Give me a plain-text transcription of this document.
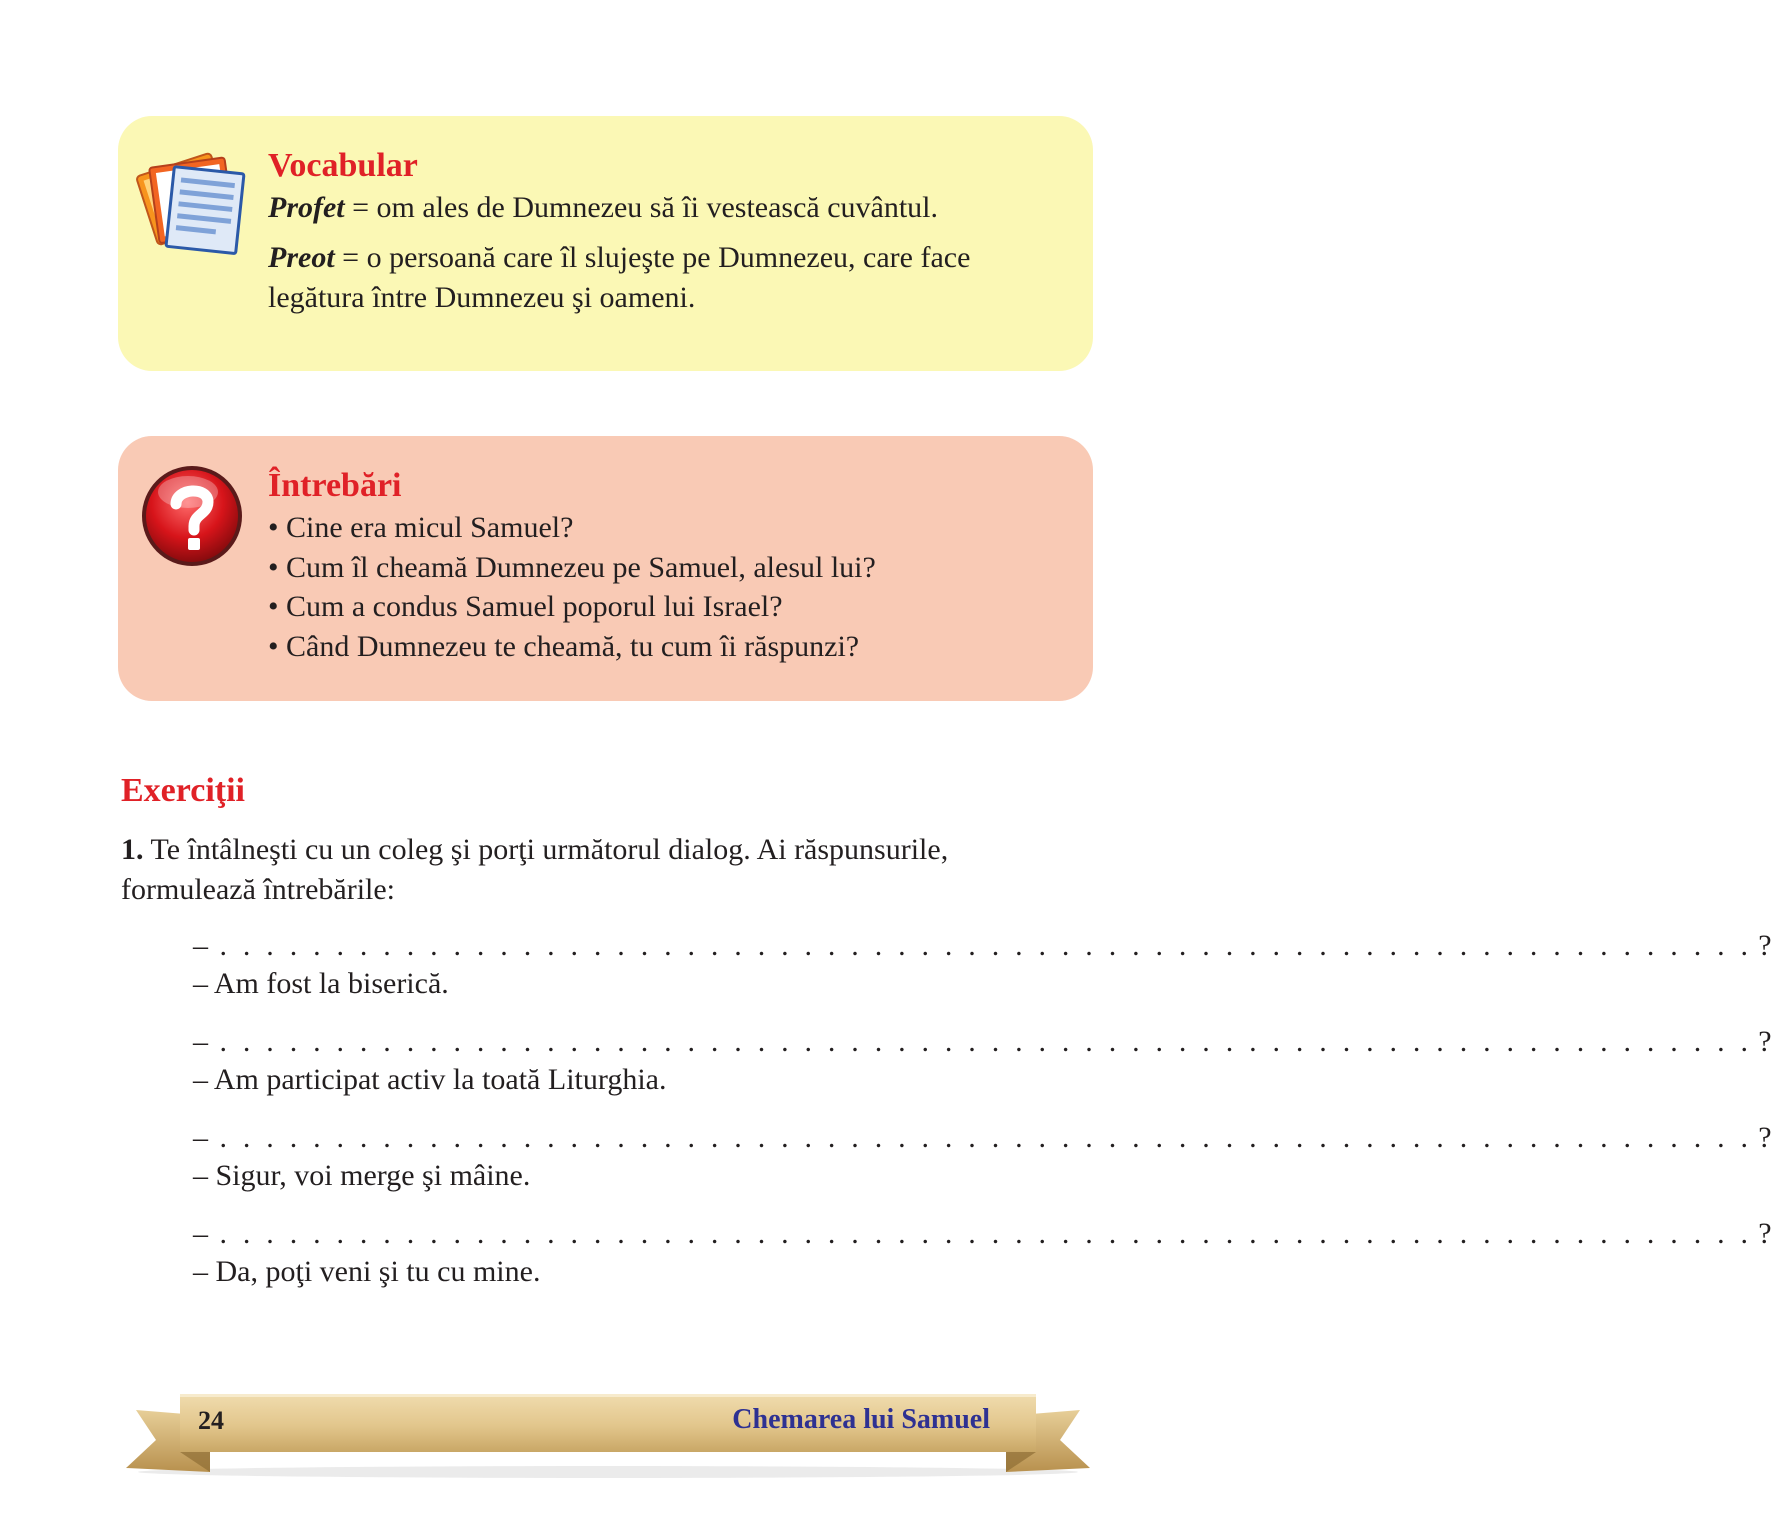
Vocabular

Profet = om ales de Dumnezeu să îi vestească cuvântul.

Preot = o persoană care îl slujeşte pe Dumnezeu, care face legătura între Dumnezeu şi oameni.

Întrebări

• Cine era micul Samuel?

• Cum îl cheamă Dumnezeu pe Samuel, alesul lui?

• Cum a condus Samuel poporul lui Israel?

• Când Dumnezeu te cheamă, tu cum îi răspunzi?

Exerciţii

1. Te întâlneşti cu un coleg şi porţi următorul dialog. Ai răspunsurile, formulează întrebările:

– . . . . . . . . . . . . . . . . . . . . . . . . . . . . . . . . . . . . . . . . . . . . . . . . . . . . . . . . . . . . . . . . . . ?
– Am fost la biserică.
– . . . . . . . . . . . . . . . . . . . . . . . . . . . . . . . . . . . . . . . . . . . . . . . . . . . . . . . . . . . . . . . . . . ?
– Am participat activ la toată Liturghia.
– . . . . . . . . . . . . . . . . . . . . . . . . . . . . . . . . . . . . . . . . . . . . . . . . . . . . . . . . . . . . . . . . . . ?
– Sigur, voi merge şi mâine.
– . . . . . . . . . . . . . . . . . . . . . . . . . . . . . . . . . . . . . . . . . . . . . . . . . . . . . . . . . . . . . . . . . . ?
– Da, poţi veni şi tu cu mine.
24	Chemarea lui Samuel
